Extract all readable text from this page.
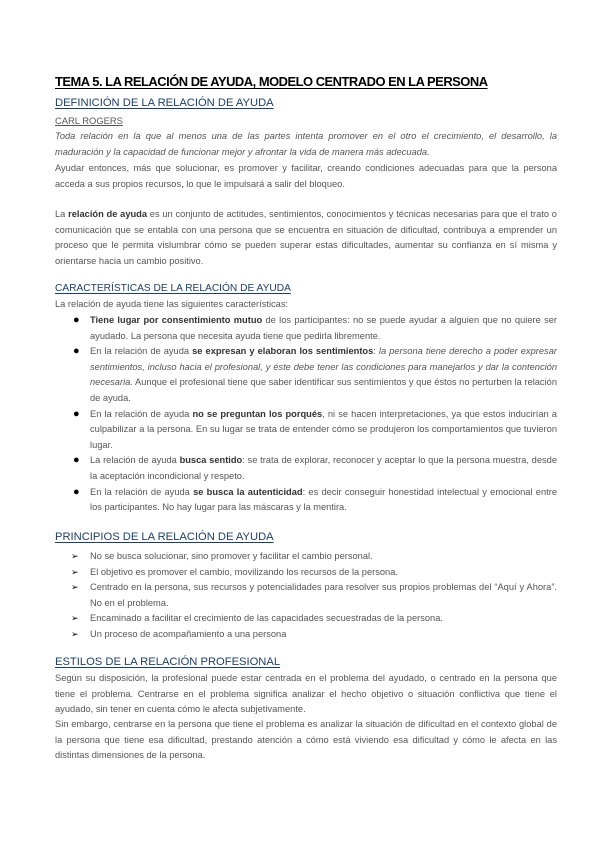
TEMA 5. LA RELACIÓN DE AYUDA, MODELO CENTRADO EN LA PERSONA
DEFINICIÓN DE LA RELACIÓN DE AYUDA
CARL ROGERS
Toda relación en la que al menos una de las partes intenta promover en el otro el crecimiento, el desarrollo, la maduración y la capacidad de funcionar mejor y afrontar la vida de manera más adecuada.
Ayudar entonces, más que solucionar, es promover y facilitar, creando condiciones adecuadas para que la persona acceda a sus propios recursos, lo que le impulsará a salir del bloqueo.
La relación de ayuda es un conjunto de actitudes, sentimientos, conocimientos y técnicas necesarias para que el trato o comunicación que se entabla con una persona que se encuentra en situación de dificultad, contribuya a emprender un proceso que le permita vislumbrar cómo se pueden superar estas dificultades, aumentar su confianza en sí misma y orientarse hacia un cambio positivo.
CARACTERÍSTICAS DE LA RELACIÓN DE AYUDA
La relación de ayuda tiene las siguientes características:
● Tiene lugar por consentimiento mutuo de los participantes: no se puede ayudar a alguien que no quiere ser ayudado. La persona que necesita ayuda tiene que pedirla libremente.
● En la relación de ayuda se expresan y elaboran los sentimientos: la persona tiene derecho a poder expresar sentimientos, incluso hacia el profesional, y éste debe tener las condiciones para manejarlos y dar la contención necesaria. Aunque el profesional tiene que saber identificar sus sentimientos y que éstos no perturben la relación de ayuda.
● En la relación de ayuda no se preguntan los porqués, ni se hacen interpretaciones, ya que estos inducirían a culpabilizar a la persona. En su lugar se trata de entender cómo se produjeron los comportamientos que tuvieron lugar.
● La relación de ayuda busca sentido: se trata de explorar, reconocer y aceptar lo que la persona muestra, desde la aceptación incondicional y respeto.
● En la relación de ayuda se busca la autenticidad: es decir conseguir honestidad intelectual y emocional entre los participantes. No hay lugar para las máscaras y la mentira.
PRINCIPIOS DE LA RELACIÓN DE AYUDA
➢ No se busca solucionar, sino promover y facilitar el cambio personal.
➢ El objetivo es promover el cambio, movilizando los recursos de la persona.
➢ Centrado en la persona, sus recursos y potencialidades para resolver sus propios problemas del “Aquí y Ahora”. No en el problema.
➢ Encaminado a facilitar el crecimiento de las capacidades secuestradas de la persona.
➢ Un proceso de acompañamiento a una persona
ESTILOS DE LA RELACIÓN PROFESIONAL
Según su disposición, la profesional puede estar centrada en el problema del ayudado, o centrado en la persona que tiene el problema. Centrarse en el problema significa analizar el hecho objetivo o situación conflictiva que tiene el ayudado, sin tener en cuenta cómo le afecta subjetivamente.
Sin embargo, centrarse en la persona que tiene el problema es analizar la situación de dificultad en el contexto global de la persona que tiene esa dificultad, prestando atención a cómo está viviendo esa dificultad y cómo le afecta en las distintas dimensiones de la persona.
